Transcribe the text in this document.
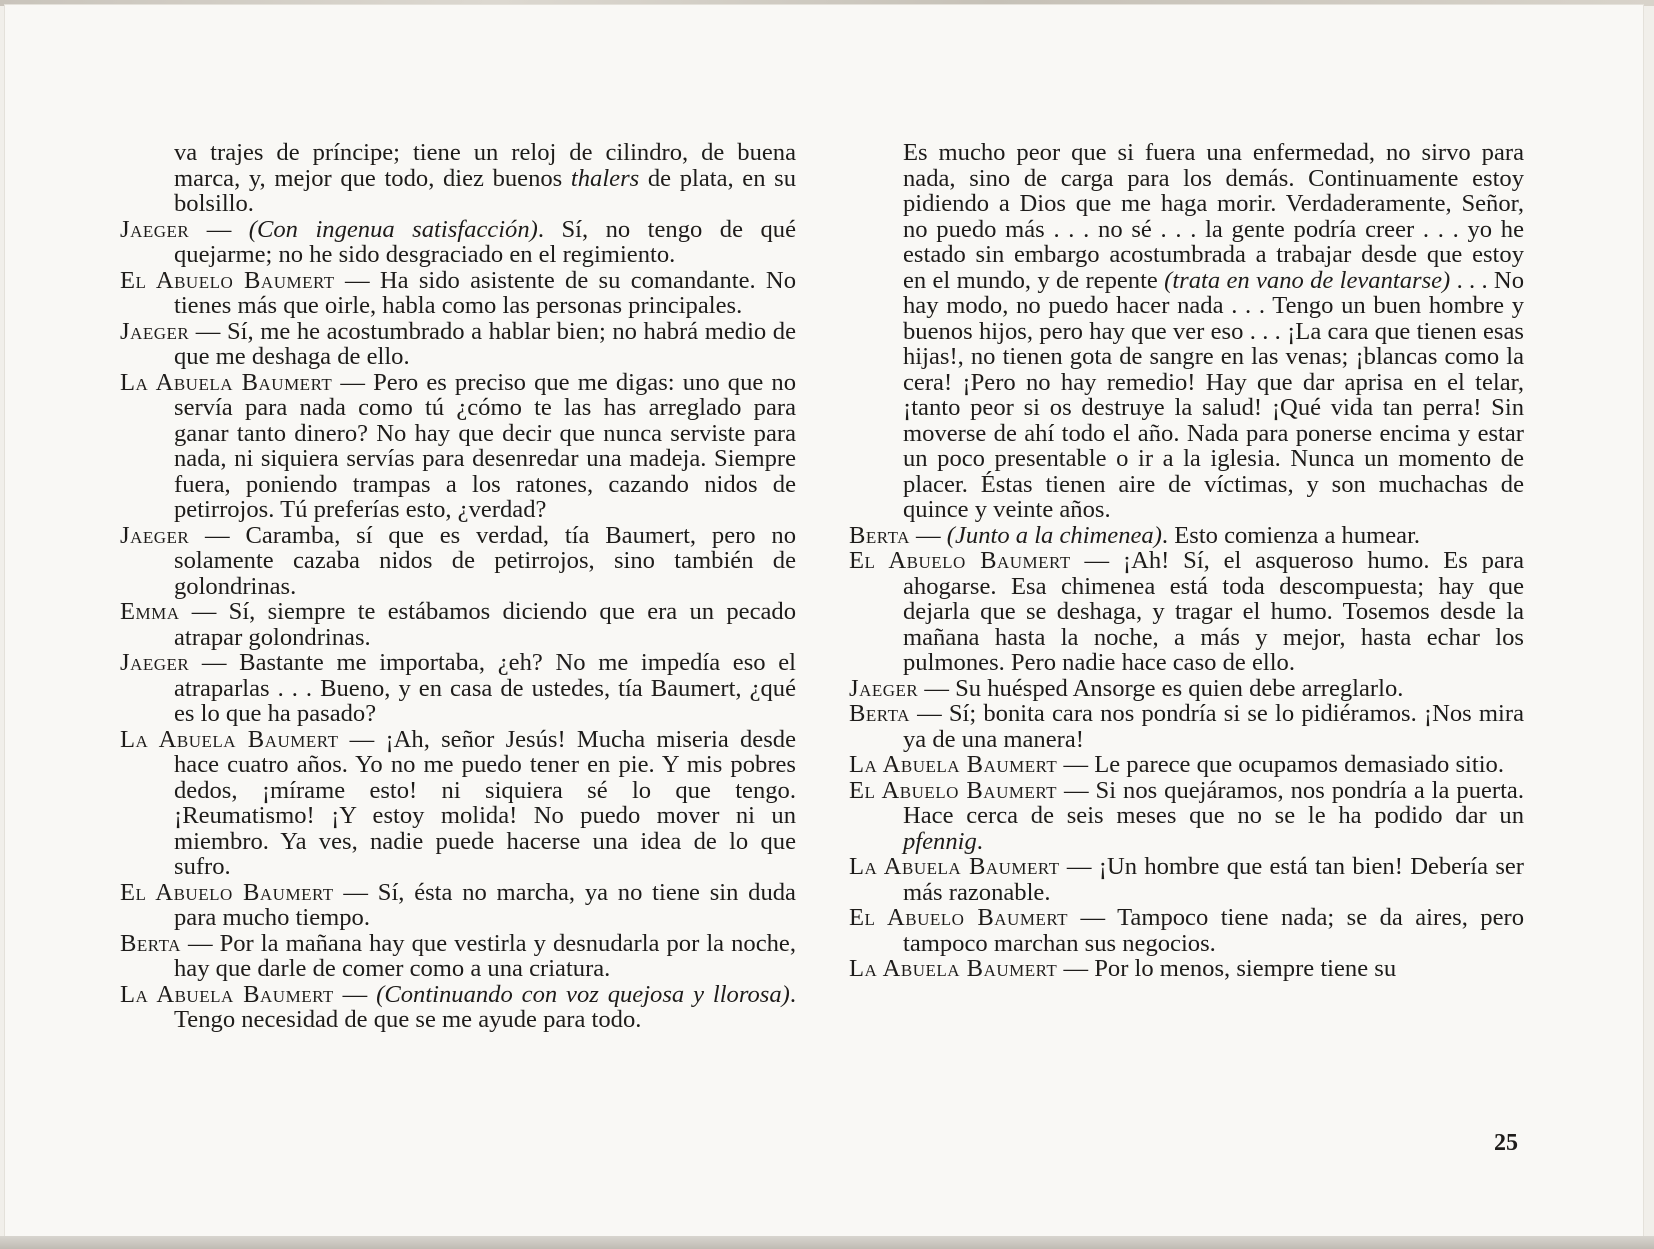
va trajes de príncipe; tiene un reloj de cilindro, de buena marca, y, mejor que todo, diez buenos thalers de plata, en su bolsillo.
Jaeger — (Con ingenua satisfacción). Sí, no tengo de qué quejarme; no he sido desgraciado en el regimiento.
El Abuelo Baumert — Ha sido asistente de su comandante. No tienes más que oirle, habla como las personas principales.
Jaeger — Sí, me he acostumbrado a hablar bien; no habrá medio de que me deshaga de ello.
La Abuela Baumert — Pero es preciso que me digas: uno que no servía para nada como tú ¿cómo te las has arreglado para ganar tanto dinero? No hay que decir que nunca serviste para nada, ni siquiera servías para desenredar una madeja. Siempre fuera, poniendo trampas a los ratones, cazando nidos de petirrojos. Tú preferías esto, ¿verdad?
Jaeger — Caramba, sí que es verdad, tía Baumert, pero no solamente cazaba nidos de petirrojos, sino también de golondrinas.
Emma — Sí, siempre te estábamos diciendo que era un pecado atrapar golondrinas.
Jaeger — Bastante me importaba, ¿eh? No me impedía eso el atraparlas . . . Bueno, y en casa de ustedes, tía Baumert, ¿qué es lo que ha pasado?
La Abuela Baumert — ¡Ah, señor Jesús! Mucha miseria desde hace cuatro años. Yo no me puedo tener en pie. Y mis pobres dedos, ¡mírame esto! ni siquiera sé lo que tengo. ¡Reumatismo! ¡Y estoy molida! No puedo mover ni un miembro. Ya ves, nadie puede hacerse una idea de lo que sufro.
El Abuelo Baumert — Sí, ésta no marcha, ya no tiene sin duda para mucho tiempo.
Berta — Por la mañana hay que vestirla y desnudarla por la noche, hay que darle de comer como a una criatura.
La Abuela Baumert — (Continuando con voz quejosa y llorosa). Tengo necesidad de que se me ayude para todo.
Es mucho peor que si fuera una enfermedad, no sirvo para nada, sino de carga para los demás. Continuamente estoy pidiendo a Dios que me haga morir. Verdaderamente, Señor, no puedo más . . . no sé . . . la gente podría creer . . . yo he estado sin embargo acostumbrada a trabajar desde que estoy en el mundo, y de repente (trata en vano de levantarse) . . . No hay modo, no puedo hacer nada . . . Tengo un buen hombre y buenos hijos, pero hay que ver eso . . . ¡La cara que tienen esas hijas!, no tienen gota de sangre en las venas; ¡blancas como la cera! ¡Pero no hay remedio! Hay que dar aprisa en el telar, ¡tanto peor si os destruye la salud! ¡Qué vida tan perra! Sin moverse de ahí todo el año. Nada para ponerse encima y estar un poco presentable o ir a la iglesia. Nunca un momento de placer. Éstas tienen aire de víctimas, y son muchachas de quince y veinte años.
Berta — (Junto a la chimenea). Esto comienza a humear.
El Abuelo Baumert — ¡Ah! Sí, el asqueroso humo. Es para ahogarse. Esa chimenea está toda descompuesta; hay que dejarla que se deshaga, y tragar el humo. Tosemos desde la mañana hasta la noche, a más y mejor, hasta echar los pulmones. Pero nadie hace caso de ello.
Jaeger — Su huésped Ansorge es quien debe arreglarlo.
Berta — Sí; bonita cara nos pondría si se lo pidiéramos. ¡Nos mira ya de una manera!
La Abuela Baumert — Le parece que ocupamos demasiado sitio.
El Abuelo Baumert — Si nos quejáramos, nos pondría a la puerta. Hace cerca de seis meses que no se le ha podido dar un pfennig.
La Abuela Baumert — ¡Un hombre que está tan bien! Debería ser más razonable.
El Abuelo Baumert — Tampoco tiene nada; se da aires, pero tampoco marchan sus negocios.
La Abuela Baumert — Por lo menos, siempre tiene su
25
